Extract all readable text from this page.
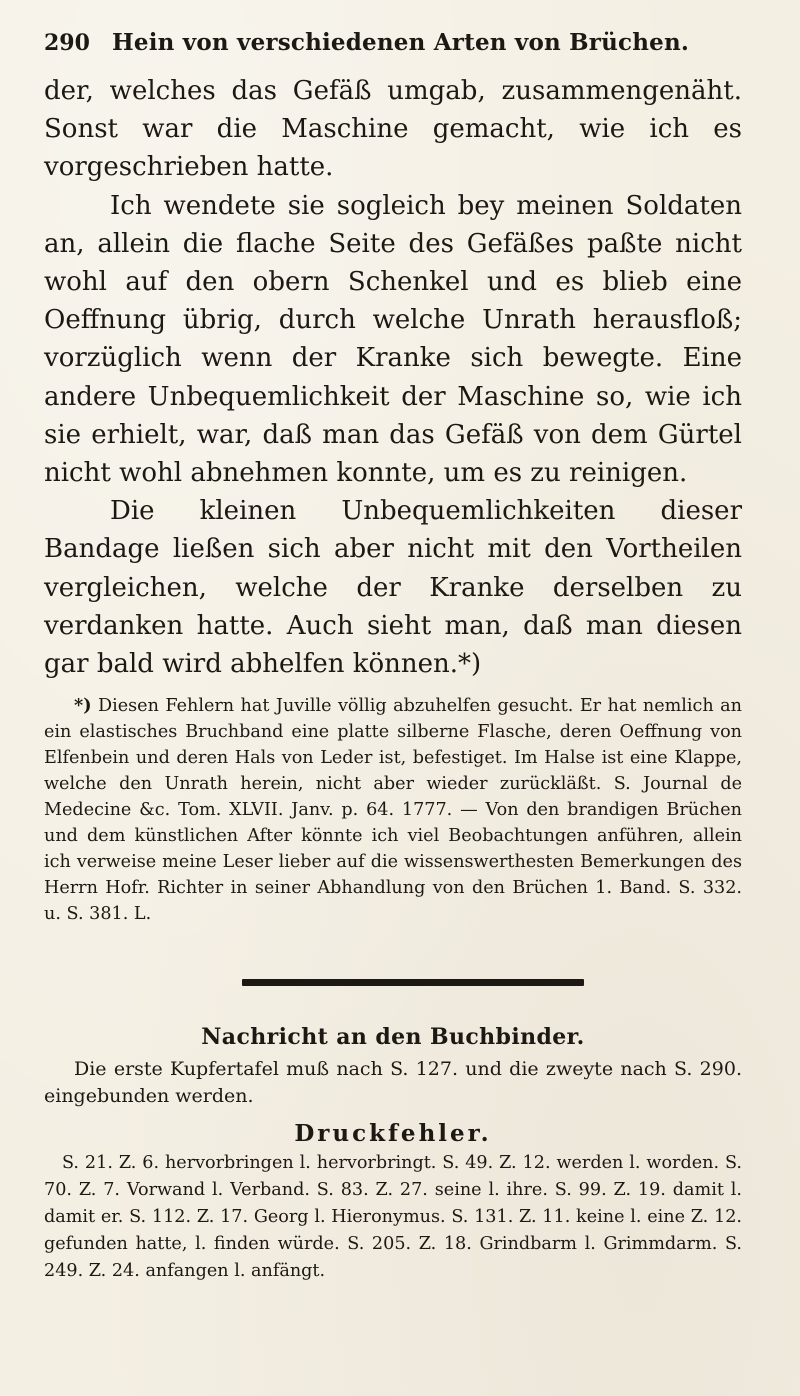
290 Hein von verschiedenen Arten von Brüchen.

der, welches das Gefäß umgab, zusammengenäht. Sonst war die Maschine gemacht, wie ich es vorgeschrieben hatte.

Ich wendete sie sogleich bey meinen Soldaten an, allein die flache Seite des Gefäßes paßte nicht wohl auf den obern Schenkel und es blieb eine Oeffnung übrig, durch welche Unrath herausfloß; vorzüglich wenn der Kranke sich bewegte. Eine andere Unbequemlichkeit der Maschine so, wie ich sie erhielt, war, daß man das Gefäß von dem Gürtel nicht wohl abnehmen konnte, um es zu reinigen.

Die kleinen Unbequemlichkeiten dieser Bandage ließen sich aber nicht mit den Vortheilen vergleichen, welche der Kranke derselben zu verdanken hatte. Auch sieht man, daß man diesen gar bald wird abhelfen können.*)

*) Diesen Fehlern hat Juville völlig abzuhelfen gesucht. Er hat nemlich an ein elastisches Bruchband eine platte silberne Flasche, deren Oeffnung von Elfenbein und deren Hals von Leder ist, befestiget. Im Halse ist eine Klappe, welche den Unrath herein, nicht aber wieder zurückläßt. S. Journal de Medecine &c. Tom. XLVII. Janv. p. 64. 1777. — Von den brandigen Brüchen und dem künstlichen After könnte ich viel Beobachtungen anführen, allein ich verweise meine Leser lieber auf die wissenswerthesten Bemerkungen des Herrn Hofr. Richter in seiner Abhandlung von den Brüchen 1. Band. S. 332. u. S. 381. L.
Nachricht an den Buchbinder.
Die erste Kupfertafel muß nach S. 127. und die zweyte nach S. 290. eingebunden werden.
Druckfehler.
S. 21. Z. 6. hervorbringen l. hervorbringt. S. 49. Z. 12. werden l. worden. S. 70. Z. 7. Vorwand l. Verband. S. 83. Z. 27. seine l. ihre. S. 99. Z. 19. damit l. damit er. S. 112. Z. 17. Georg l. Hieronymus. S. 131. Z. 11. keine l. eine Z. 12. gefunden hatte, l. finden würde. S. 205. Z. 18. Grindbarm l. Grimmdarm. S. 249. Z. 24. anfangen l. anfängt.
